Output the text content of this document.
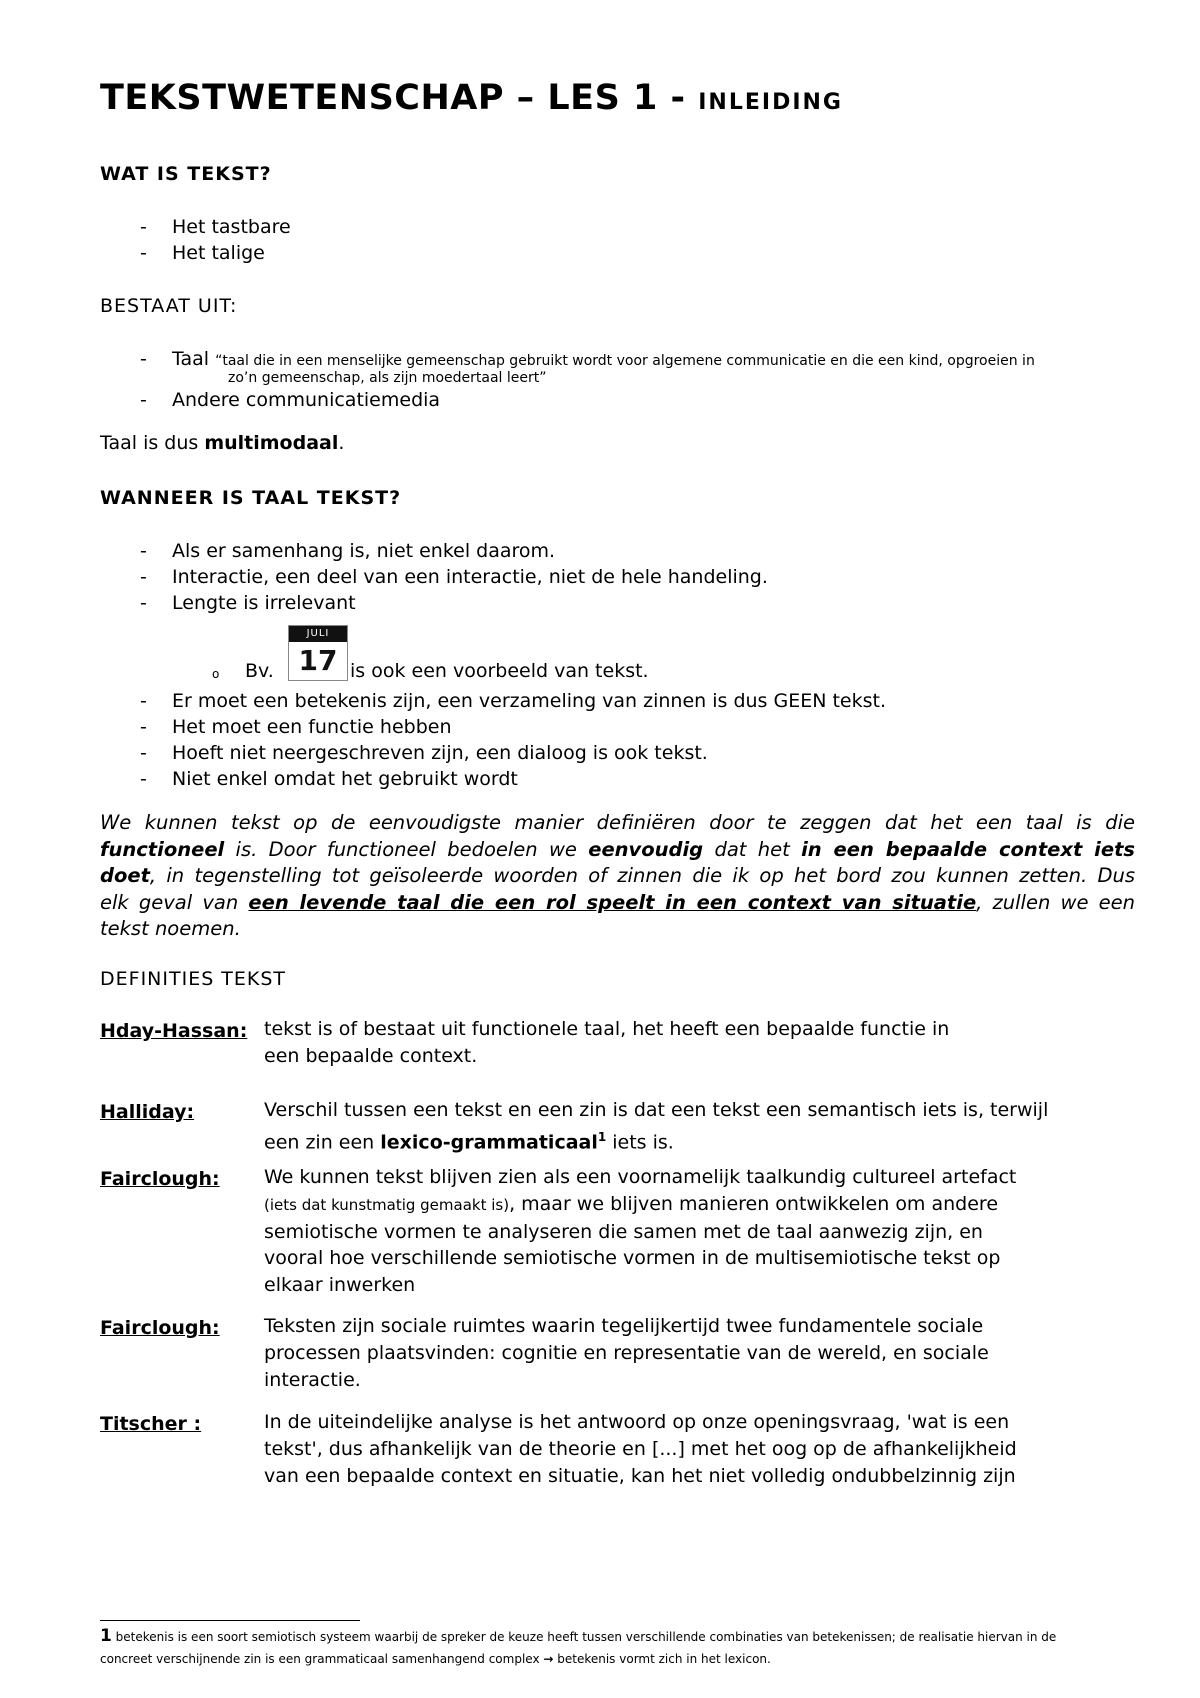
TEKSTWETENSCHAP – LES 1 - INLEIDING
WAT IS TEKST?
- Het tastbare
- Het talige
BESTAAT UIT:
- Taal “taal die in een menselijke gemeenschap gebruikt wordt voor algemene communicatie en die een kind, opgroeien in
zo’n gemeenschap, als zijn moedertaal leert”
- Andere communicatiemedia
Taal is dus multimodaal.
WANNEER IS TAAL TEKST?
- Als er samenhang is, niet enkel daarom.
- Interactie, een deel van een interactie, niet de hele handeling.
- Lengte is irrelevant
o Bv.
JULI
17 is ook een voorbeeld van tekst.
- Er moet een betekenis zijn, een verzameling van zinnen is dus GEEN tekst.
- Het moet een functie hebben
- Hoeft niet neergeschreven zijn, een dialoog is ook tekst.
- Niet enkel omdat het gebruikt wordt
We kunnen tekst op de eenvoudigste manier definiëren door te zeggen dat het een taal is die
functioneel is. Door functioneel bedoelen we eenvoudig dat het in een bepaalde context iets
doet, in tegenstelling tot geïsoleerde woorden of zinnen die ik op het bord zou kunnen zetten. Dus
elk geval van een levende taal die een rol speelt in een context van situatie, zullen we een
tekst noemen.
DEFINITIES TEKST
Hday-Hassan: tekst is of bestaat uit functionele taal, het heeft een bepaalde functie in
een bepaalde context.
Halliday:	Verschil tussen een tekst en een zin is dat een tekst een semantisch iets is, terwijl
een zin een lexico-grammaticaal$^1$ iets is.
Fairclough: We kunnen tekst blijven zien als een voornamelijk taalkundig cultureel artefact
(iets dat kunstmatig gemaakt is), maar we blijven manieren ontwikkelen om andere
semiotische vormen te analyseren die samen met de taal aanwezig zijn, en
vooral hoe verschillende semiotische vormen in de multisemiotische tekst op
elkaar inwerken
Fairclough: Teksten zijn sociale ruimtes waarin tegelijkertijd twee fundamentele sociale
processen plaatsvinden: cognitie en representatie van de wereld, en sociale
interactie.
Titscher :	In de uiteindelijke analyse is het antwoord op onze openingsvraag, 'wat is een
tekst', dus afhankelijk van de theorie en [...] met het oog op de afhankelijkheid
van een bepaalde context en situatie, kan het niet volledig ondubbelzinnig zijn
1 betekenis is een soort semiotisch systeem waarbij de spreker de keuze heeft tussen verschillende combinaties van betekenissen; de realisatie hiervan in de
concreet verschijnende zin is een grammaticaal samenhangend complex → betekenis vormt zich in het lexicon.
